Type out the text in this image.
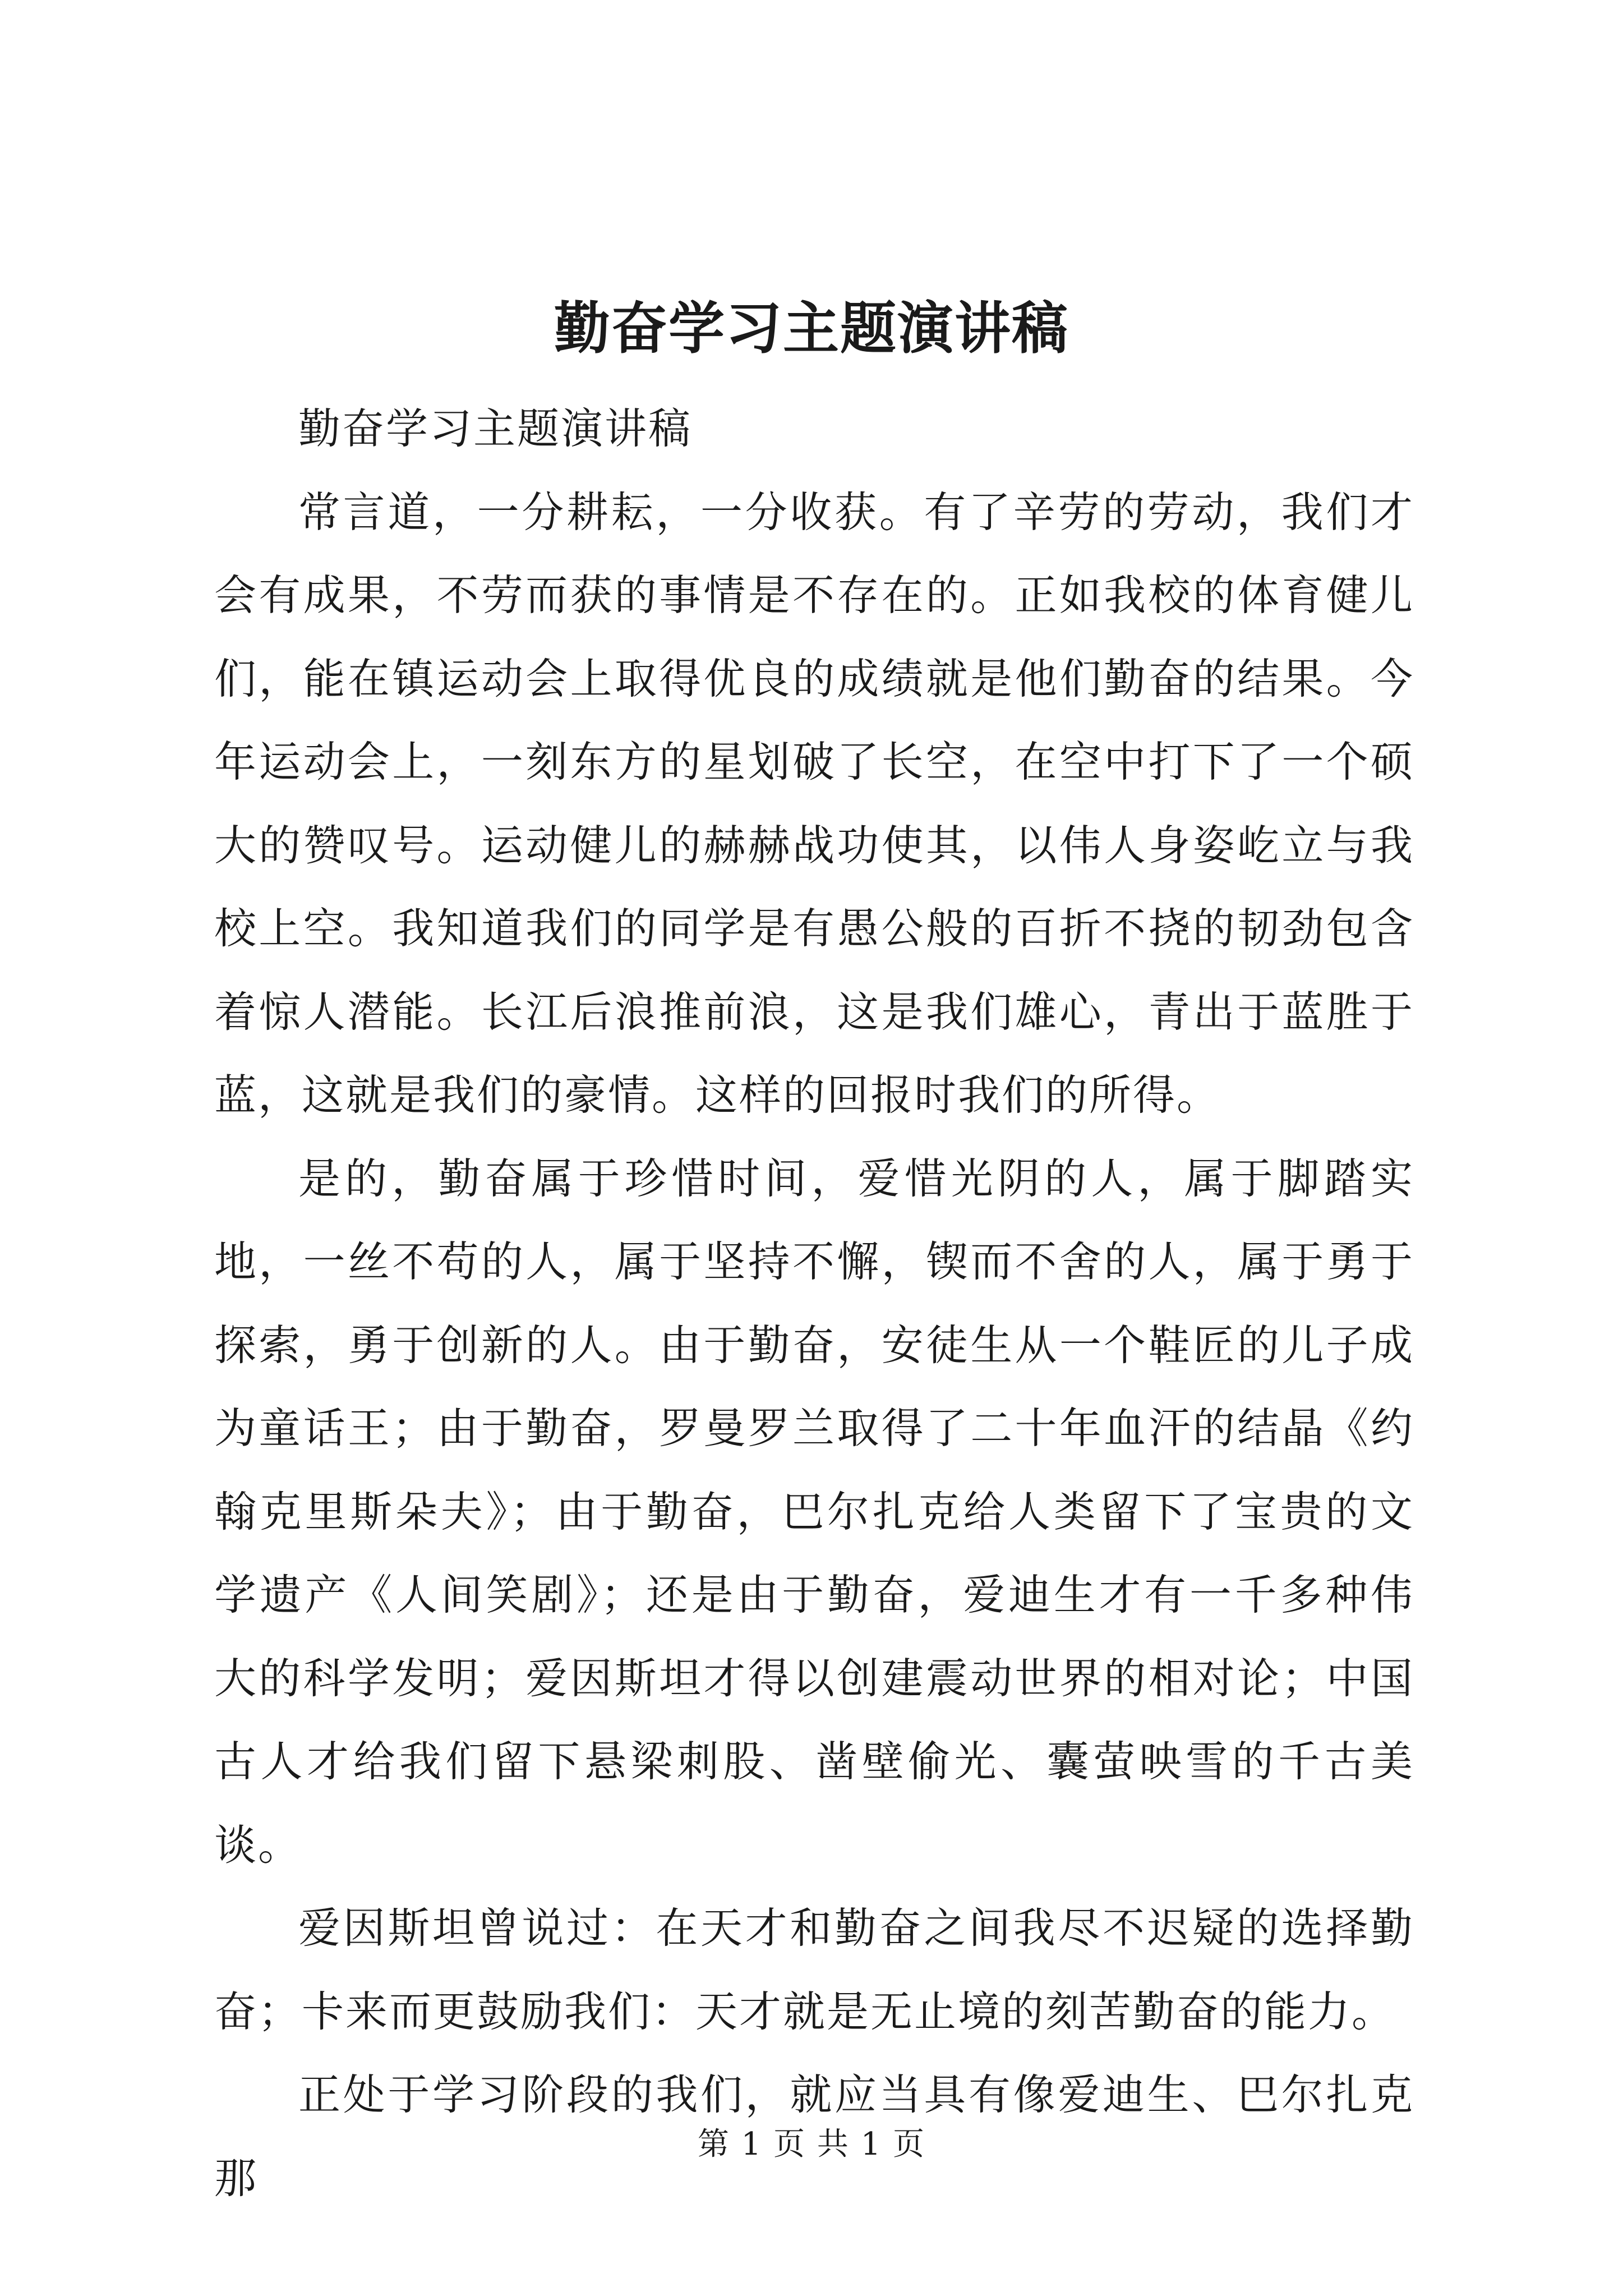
勤奋学习主题演讲稿

勤奋学习主题演讲稿

常言道，一分耕耘，一分收获。有了辛劳的劳动，我们才会有成果，不劳而获的事情是不存在的。正如我校的体育健儿们，能在镇运动会上取得优良的成绩就是他们勤奋的结果。今年运动会上，一刻东方的星划破了长空，在空中打下了一个硕大的赞叹号。运动健儿的赫赫战功使其，以伟人身姿屹立与我校上空。我知道我们的同学是有愚公般的百折不挠的韧劲包含着惊人潜能。长江后浪推前浪，这是我们雄心，青出于蓝胜于蓝，这就是我们的豪情。这样的回报时我们的所得。

是的，勤奋属于珍惜时间，爱惜光阴的人，属于脚踏实地，一丝不苟的人，属于坚持不懈，锲而不舍的人，属于勇于探索，勇于创新的人。由于勤奋，安徒生从一个鞋匠的儿子成为童话王；由于勤奋，罗曼罗兰取得了二十年血汗的结晶《约翰克里斯朵夫》；由于勤奋，巴尔扎克给人类留下了宝贵的文学遗产《人间笑剧》；还是由于勤奋，爱迪生才有一千多种伟大的科学发明；爱因斯坦才得以创建震动世界的相对论；中国古人才给我们留下悬梁刺股、凿壁偷光、囊萤映雪的千古美谈。

爱因斯坦曾说过：在天才和勤奋之间我尽不迟疑的选择勤奋；卡来而更鼓励我们：天才就是无止境的刻苦勤奋的能力。

正处于学习阶段的我们，就应当具有像爱迪生、巴尔扎克那

第 1 页 共 1 页
